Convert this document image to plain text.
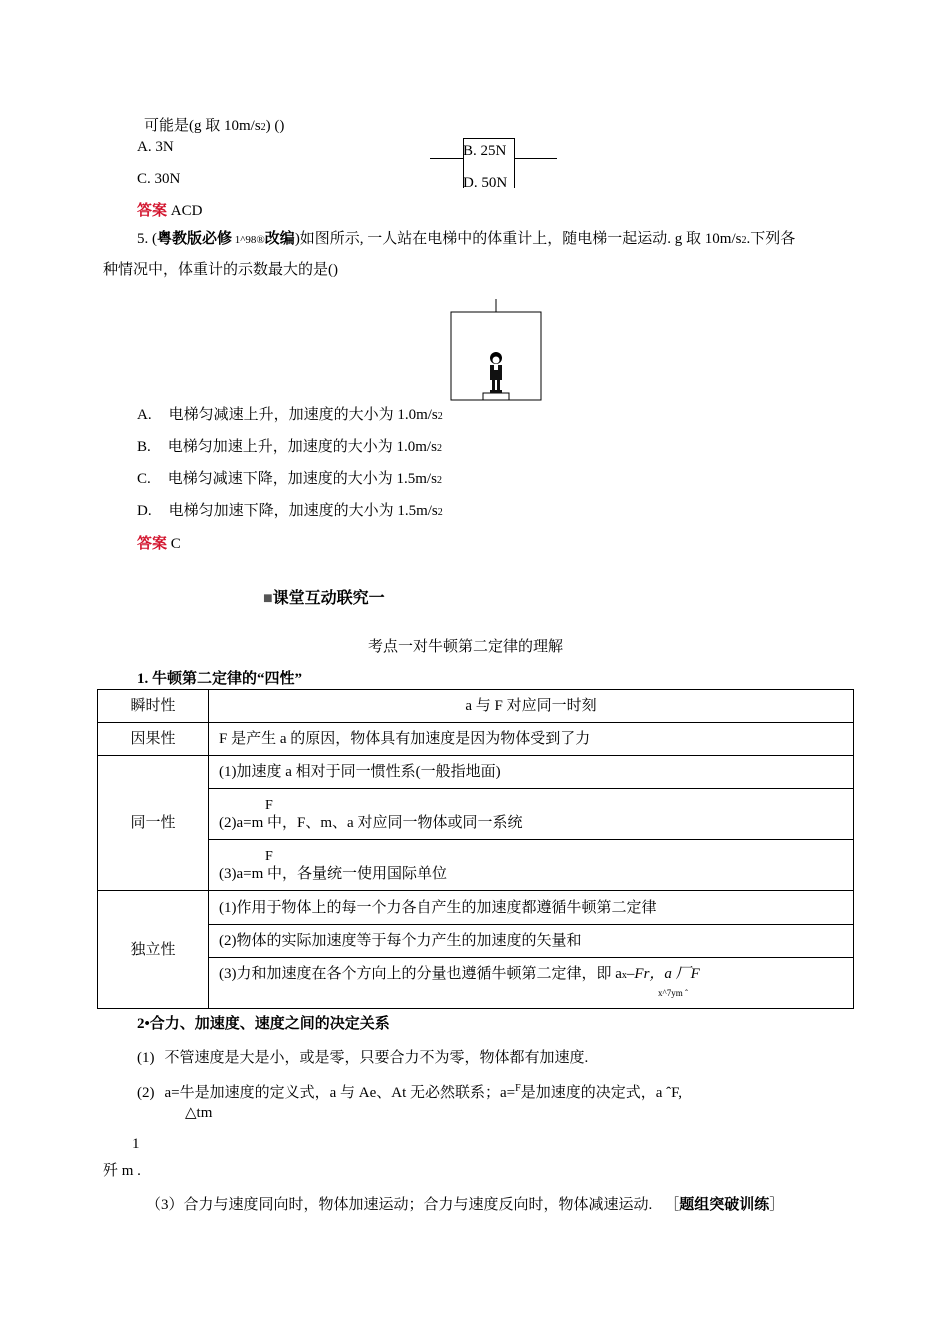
可能是(g 取 10m/s2) ()
A. 3N
C. 30N
B. 25N
D. 50N
答案 ACD
5. (粤教版必修 1^98®改编)如图所示, 一人站在电梯中的体重计上，随电梯一起运动. g 取 10m/s2.下列各
种情况中，体重计的示数最大的是()
A. 电梯匀减速上升，加速度的大小为 1.0m/s2
B. 电梯匀加速上升，加速度的大小为 1.0m/s2
C. 电梯匀减速下降，加速度的大小为 1.5m/s2
D. 电梯匀加速下降，加速度的大小为 1.5m/s2
答案 C
■课堂互动联究一
考点一对牛顿第二定律的理解
1. 牛顿第二定律的“四性”
瞬时性	a 与 F 对应同一时刻
因果性	F 是产生 a 的原因，物体具有加速度是因为物体受到了力
同一性	(1)加速度 a 相对于同一惯性系(一般指地面)

	F
(2)a=m 中，F、m、a 对应同一物体或同一系统

	F
(3)a=m 中，各量统一使用国际单位
独立性	(1)作用于物体上的每一个力各自产生的加速度都遵循牛顿第二定律
	(2)物体的实际加速度等于每个力产生的加速度的矢量和
	(3)力和加速度在各个方向上的分量也遵循牛顿第二定律，即 ax–Fr，a 厂F
x^7ym ˆ
2•合力、加速度、速度之间的决定关系
(1) 不管速度是大是小，或是零，只要合力不为零，物体都有加速度.
(2) a=牛是加速度的定义式，a 与 Ae、At 无必然联系；a=$^F$是加速度的决定式，a ˆF,
△tm
1
歼 m .
（3）合力与速度同向时，物体加速运动；合力与速度反向时，物体减速运动. ［题组突破训练］
